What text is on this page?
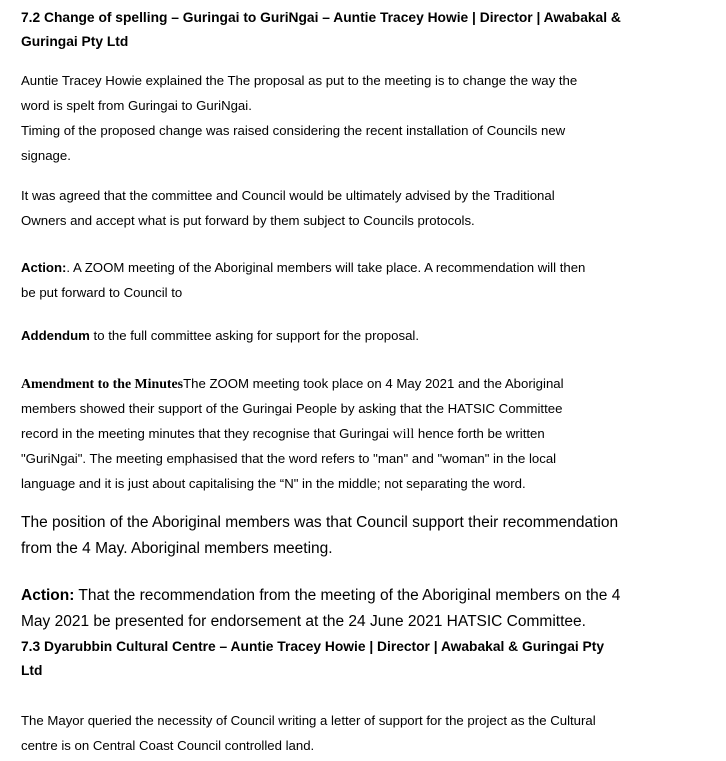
7.2 Change of spelling – Guringai to GuriNgai – Auntie Tracey Howie | Director | Awabakal &
Guringai Pty Ltd

Auntie Tracey Howie explained the The proposal as put to the meeting is to change the way the
word is spelt from Guringai to GuriNgai.
Timing of the proposed change was raised considering the recent installation of Councils new
signage.

It was agreed that the committee and Council would be ultimately advised by the Traditional
Owners and accept what is put forward by them subject to Councils protocols.

Action:. A ZOOM meeting of the Aboriginal members will take place. A recommendation will then
be put forward to Council to

Addendum to the full committee asking for support for the proposal.

Amendment to the MinutesThe ZOOM meeting took place on 4 May 2021 and the Aboriginal
members showed their support of the Guringai People by asking that the HATSIC Committee
record in the meeting minutes that they recognise that Guringai will hence forth be written
"GuriNgai". The meeting emphasised that the word refers to "man" and "woman" in the local
language and it is just about capitalising the “N" in the middle; not separating the word.

The position of the Aboriginal members was that Council support their recommendation
from the 4 May. Aboriginal members meeting.

Action: That the recommendation from the meeting of the Aboriginal members on the 4
May 2021 be presented for endorsement at the 24 June 2021 HATSIC Committee.

7.3 Dyarubbin Cultural Centre – Auntie Tracey Howie | Director | Awabakal & Guringai Pty
Ltd

The Mayor queried the necessity of Council writing a letter of support for the project as the Cultural
centre is on Central Coast Council controlled land.
